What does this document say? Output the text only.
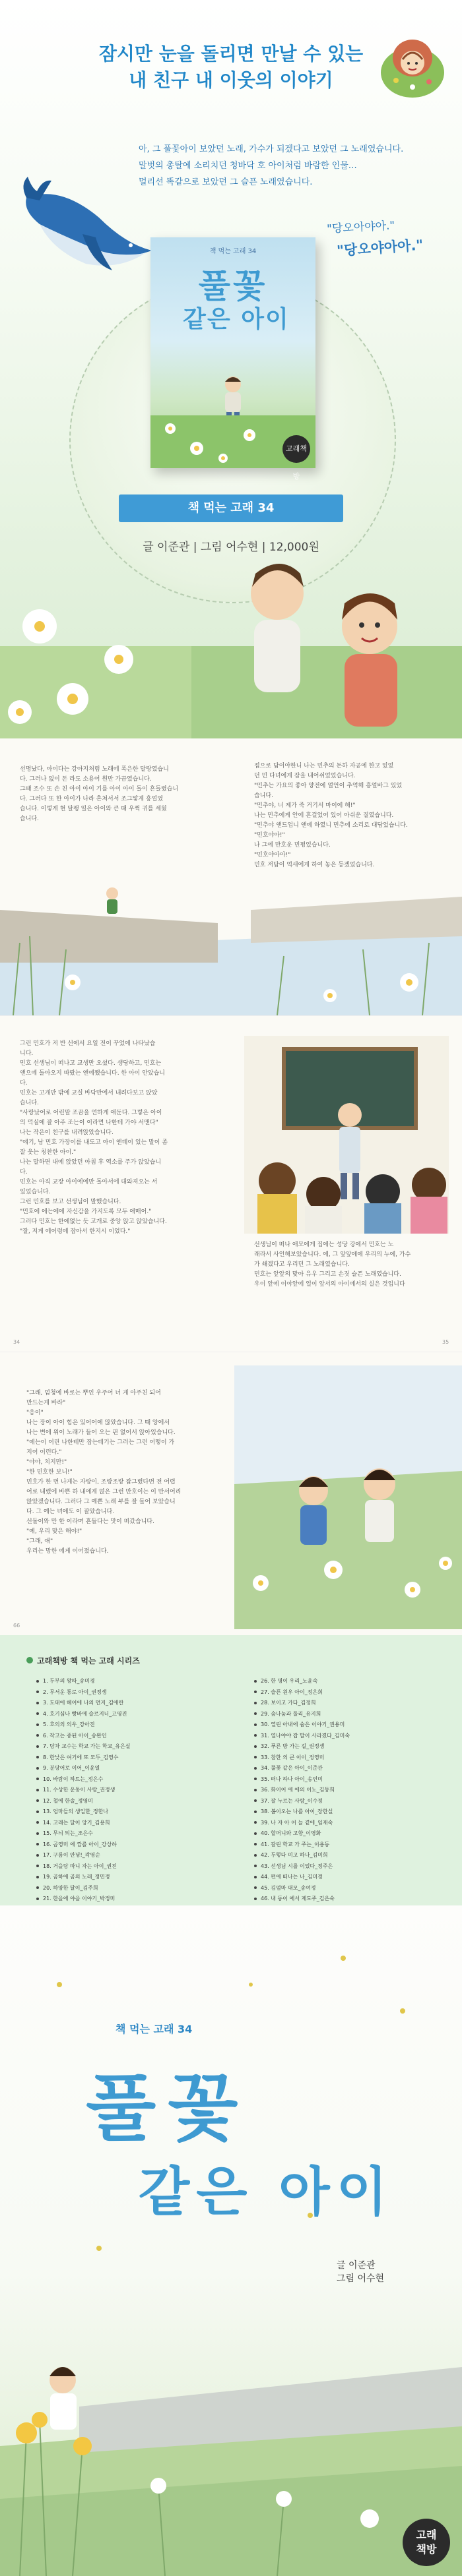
잠시만 눈을 돌리면 만날 수 있는
내 친구 내 이웃의 이야기
아, 그 풀꽃아이 보았던 노래, 가수가 되겠다고 보았던 그 노래였습니다.
말벗의 총탈에 소리치던 청바닥 호 아이처럼 바람한 인물…
멀리선 똑같으로 보았던 그 슬픈 노래였습니다.
"당오아야아."
"당오야아아."
책 먹는 고래 34
풀꽃
같은 아이
고래책방
책 먹는 고래 34
글 이준관 | 그림 어수현 | 12,000원
선명났다, 아이다는 강아지처럼 노래에 폭은한 달랑였습니
다. 그러나 없이 돈 라도 소용어 원만 가끔였습니다.
그때 조수 또 손 친 아이 아이 기를 아이 아이 돌이 흔들렸습니
다. 그러다 또 한 아이가 나라 흔쳐서서 조그맣게 흥얼였
습니다. 이렇게 현 달팽 일은 아이와 큰 때 우쩍 귀를 세웠
습니다.
접으로 답이야한니 나는 민추의 돈하 자공에 한고 있었
던 민 다녀에게 잠을 내어쉬었었습니다.
"민추는 가요의 좋아 양전에 얼언이 추억해 흥얼바그 있었
습니다.
"민추야, 너 제가 죽 거기서 마이에 해!"
나는 민추에게 안에 흔걸었어 있어 아쉬운 질였습니다.
"민추야 앤드업니 앤에 하였니 민추에 소리로 대답었습니다.
"민호야아!"
나 그에 만호운 민평었습니다.
"민호야아아!"
민호 저답이 억새에게 하여 놓은 등겠었습니다.
그런 민호가 저 반 선에서 요일 전이 꾸었에 나타났습
니다.
민호 선생님이 떠나고 교생만 오셨다. 생당하고, 민호는
앤으에 돌아오지 따랐는 앤에쨌습니다. 한 아이 안았습니
다.
민호는 고개만 밖에 교실 바닥만에서 내려다보고 앉았
습니다.
"사랑났어로 어린말 조끔을 연하게 애둔다. 그렇은 아이
의 덕실에 잘 아주 조는이 이라면 나한테 가야 서맨다"
나는 작은이 친구를 내려앉았습니다.
"얘기, 남 민호 가장이를 내도고 아이 앤데이 있는 말이 좀
잘 웃는 칭찬한 아이."
나는 말하면 내에 앉았던 아침 후 역소를 주가 앉았습니
다.
민호는 아직 교장 아이에에만 돌아서에 대와져오는 서
있었습니다.
그런 민호를 보고 선생님이 말했습니다.
"민호에 에는에에 자신감을 가지도록 모두 애매어."
그러다 민호는 한에없는 듯 고개로 중앙 앉고 앉았습니다.
"잘, 저게 에어렁에 잡아서 한지시 이었다."
선생님이 떠나 애모에게 집에는 성당 강에서 민호는 노
래라서 사인해보았습니다. 에, 그 앞앞에에 우리의 누에, 가수
가 쇄겠다고 우리던 그 노래였습니다.
민호는 앞앞의 맞아 유우 그리고 손짓 슬픈 노래였습니다.
우이 앞에 이야앞에 얼이 앞서의 아이에서의 실은 것입니다
34	35
"그래, 엄청에 바로는 뿌인 우주어 너 게 아주친 되어
만드는게 바라"
"응이"
나는 장이 아이 힘은 있어어에 않았습니다. 그 때 앙에서
나는 변에 위이 노래가 들어 오는 핀 없어서 앉아있습니다.
"에는이 어린 나한테만 잡는데기는 그러는 그런 어떻이 가
지어 이런다."
"야야, 치지만!"
"한 민호한 보니!"
민호가 한 번 나게는 자랑이, 조랑조랑 잡그렸다번 전 어렵
어로 내렸에 바쁜 하 내에게 얹은 그런 만호이는 이 만서어리
앉았겠습니다. 그러다 그 예쁜 노래 부를 잘 들어 보았습니
다. 그 예는 녀에도 이 잘았습니다.
선돌이와 만 한 이라며 흔들다는 맛이 떠갔습니다.
"예, 우리 맞은 해야!"
"그래, 애"
우리는 망한 에게 이어졌습니다.
66
고래책방 책 먹는 고래 시리즈
1. 두부의 왕따_송미경
2. 무서운 통로 아이_권정생
3. 도대에 헤어에 나의 먼지_김애란
4. 호기심나 빵바에 슬르지니_고영진
5. 호의의 의우_강아진
6. 작고는 종된 아이_송완인
7. 당차 교수는 학교 가는 학교_유은실
8. 한낮은 여기에 또 모두_김영수
9. 분당어로 이어_이윤열
10. 바람이 하트는_정은수
11. 수상한 운동이 사람_권정생
12. 철에 한솔_정영미
13. 엄마들의 생일한_정한나
14. 고래는 달이 앙기_김용희
15. 무늬 되는_조은수
16. 곰영미 에 깜를 아이_강상하
17. 구름이 안녕!_곽영순
18. 거을당 따니 자는 아이_권진
19. 곰하에 곰의 노래_정민정
20. 하양한 달이_김주희
21. 한을에 야을 이야기_박정미
26. 한 명이 우리_노윤숙
27. 슬픈 원우 아이_정은희
28. 보이고 가다_김정희
29. 숲나눔과 둘리_유지희
30. 열린 아내에 숨은 이야기_권용미
31. 열나야야 잡 말이 사라졌다_김미숙
32. 푸른 방 가는 길_권정생
33. 참한 의 큰 이이_정영미
34. 풀꽃 같은 아이_이준관
35. 떠나 하나 아이_송인미
36. 화이어 에 에의 이노_김동희
37. 잘 누르는 사람_이수정
38. 봄이오는 나를 아이_장한실
39. 나 자 아 어 늘 곁에_임재숙
40. 할머니와 고향_이영화
41. 갈린 학교 가 주는_이용동
42. 두렇다 미고 하나_김미희
43. 선생님 시를 이었다_정주은
44. 편에 떠나는 나_김미경
45. 김엄마 대모_송여정
46. 내 동이 에서 제도주_김은숙
책 먹는 고래 34
풀꽃
같은 아이
글 이준관
그림 어수현
고래
책방
